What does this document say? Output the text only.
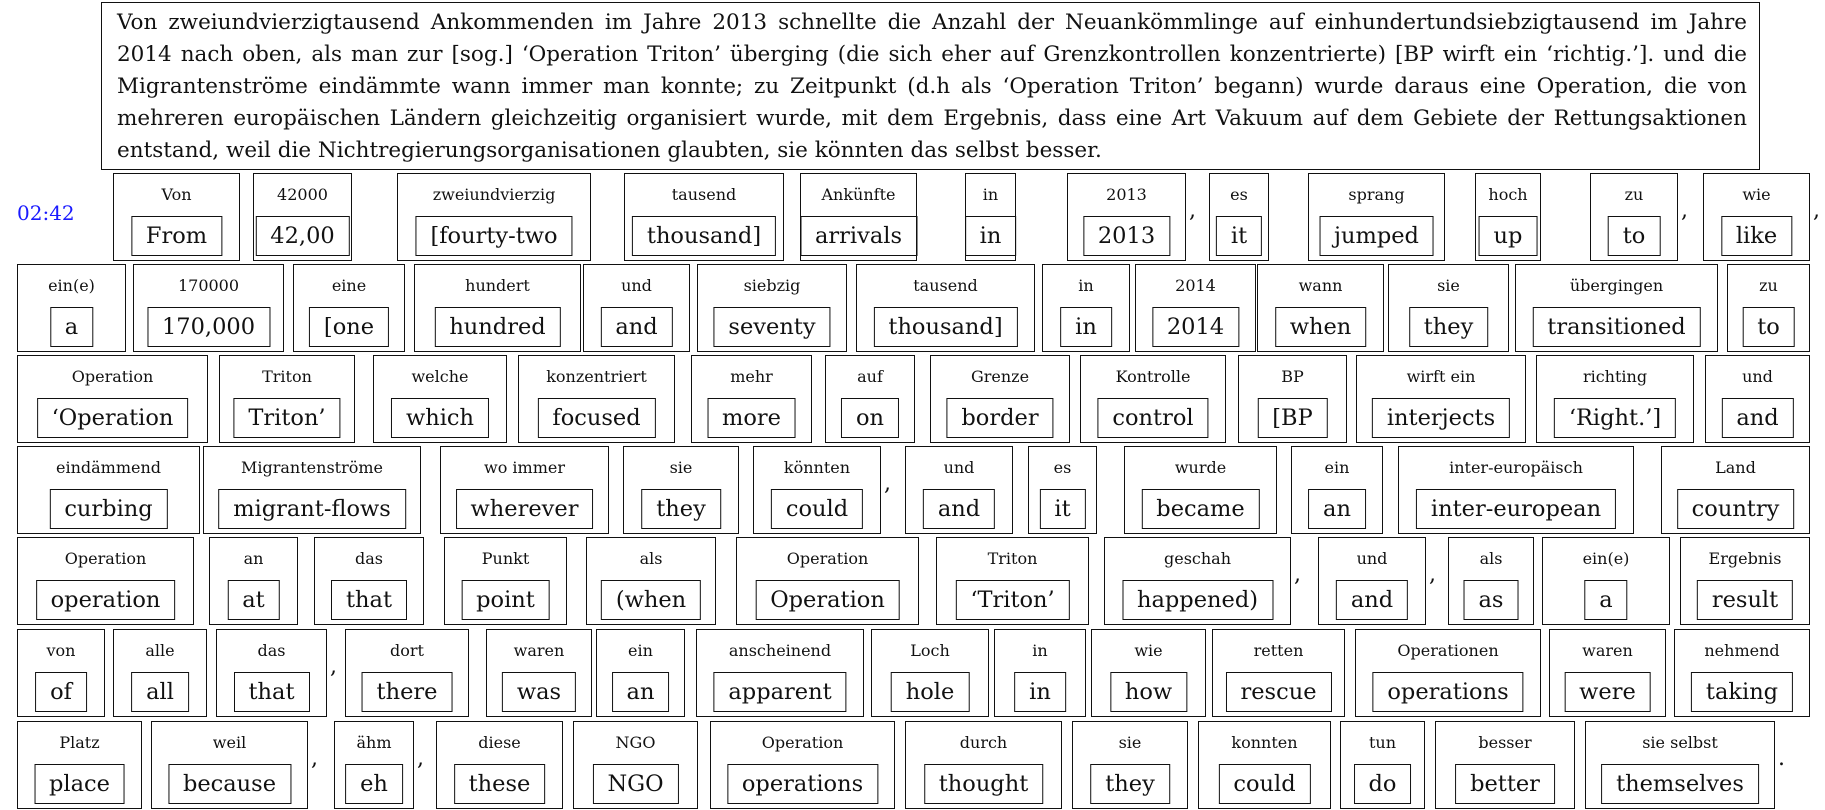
Von zweiundvierzigtausend Ankommenden im Jahre 2013 schnellte die Anzahl der Neuankömmlinge auf einhundertundsiebzigtausend im Jahre 2014 nach oben, als man zur [sog.] ‘Operation Triton’ überging (die sich eher auf Grenzkontrollen konzentrierte) [BP wirft ein ‘richtig.’]. und die Migrantenströme eindämmte wann immer man konnte; zu Zeitpunkt (d.h als ‘Operation Triton’ begann) wurde daraus eine Operation, die von mehreren europäischen Ländern gleichzeitig organisiert wurde, mit dem Ergebnis, dass eine Art Vakuum auf dem Gebiete der Rettungsaktionen entstand, weil die Nichtregierungsorganisationen glaubten, sie könnten das selbst besser.
02:42
Von
From
42000
42,00
zweiundvierzig
[fourty-two
tausend
thousand]
Ankünfte
arrivals
in
in
2013
2013
,
es
it
sprang
jumped
hoch
up
zu
to
,
wie
like
,
ein(e)
a
170000
170,000
eine
[one
hundert
hundred
und
and
siebzig
seventy
tausend
thousand]
in
in
2014
2014
wann
when
sie
they
übergingen
transitioned
zu
to
Operation
‘Operation
Triton
Triton’
welche
which
konzentriert
focused
mehr
more
auf
on
Grenze
border
Kontrolle
control
BP
[BP
wirft ein
interjects
richting
‘Right.’]
und
and
eindämmend
curbing
Migrantenströme
migrant-flows
wo immer
wherever
sie
they
könnten
could
,
und
and
es
it
wurde
became
ein
an
inter-europäisch
inter-european
Land
country
Operation
operation
an
at
das
that
Punkt
point
als
(when
Operation
Operation
Triton
‘Triton’
geschah
happened)
,
und
and
,
als
as
ein(e)
a
Ergebnis
result
von
of
alle
all
das
that
,
dort
there
waren
was
ein
an
anscheinend
apparent
Loch
hole
in
in
wie
how
retten
rescue
Operationen
operations
waren
were
nehmend
taking
Platz
place
weil
because
,
ähm
eh
,
diese
these
NGO
NGO
Operation
operations
durch
thought
sie
they
konnten
could
tun
do
besser
better
sie selbst
themselves
.
